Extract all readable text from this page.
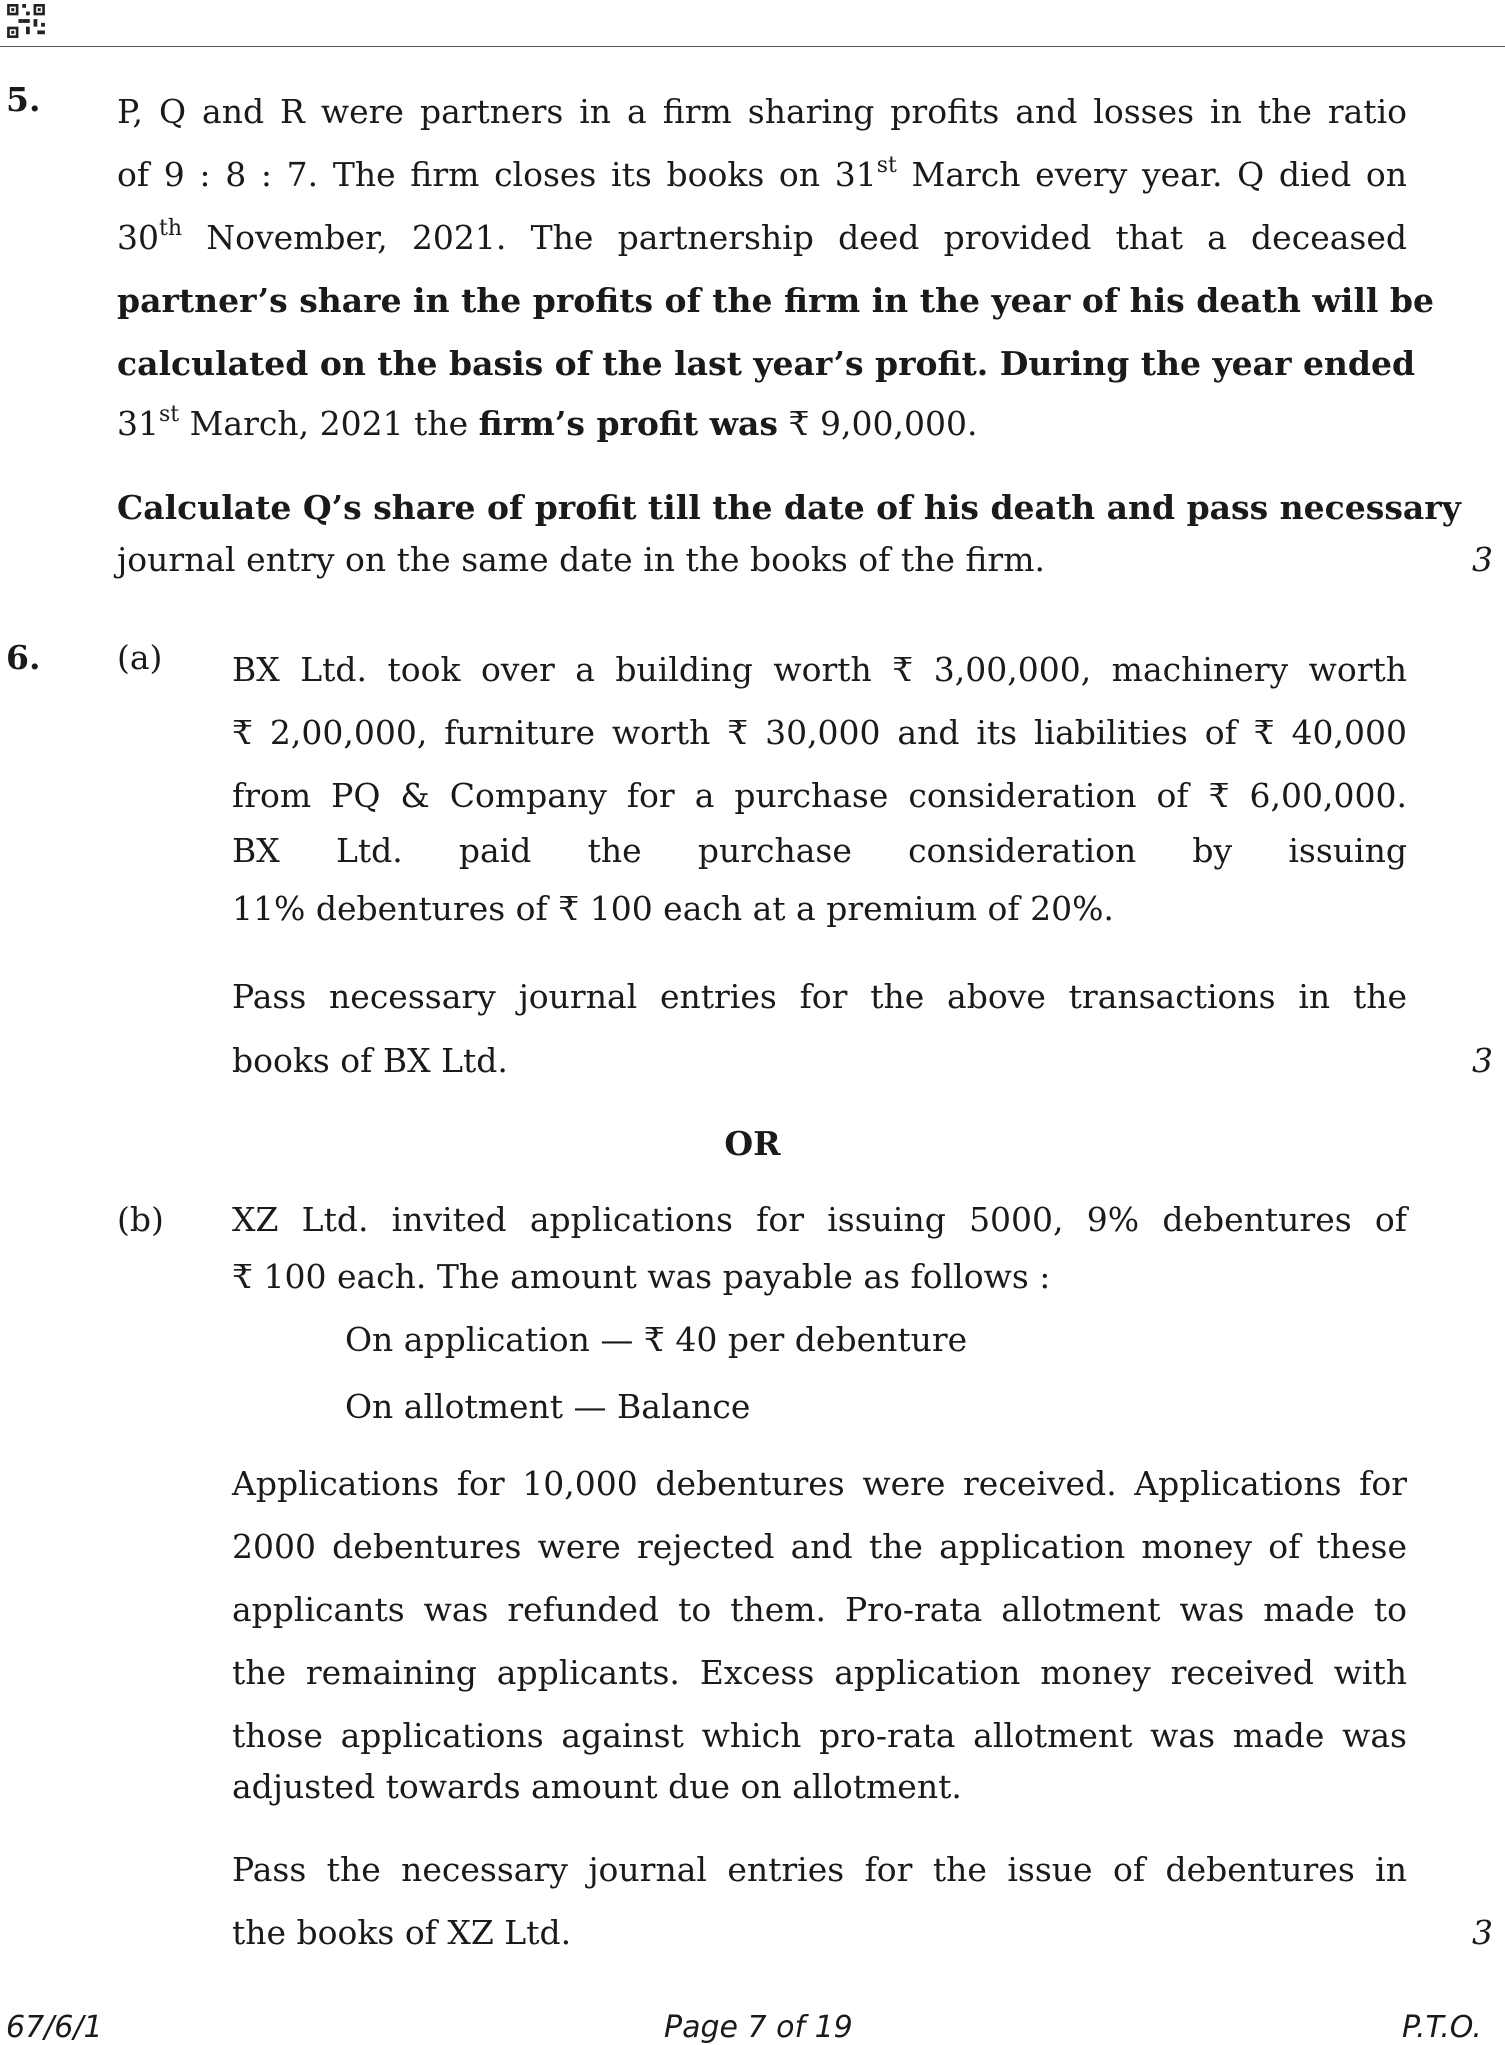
5. P, Q and R were partners in a firm sharing profits and losses in the ratio
of 9 : 8 : 7. The firm closes its books on 31st March every year. Q died on
30th November, 2021. The partnership deed provided that a deceased
partner’s share in the profits of the firm in the year of his death will be
calculated on the basis of the last year’s profit. During the year ended
31st March, 2021 the firm’s profit was ₹ 9,00,000.
Calculate Q’s share of profit till the date of his death and pass necessary
journal entry on the same date in the books of the firm.	3
6. (a) BX Ltd. took over a building worth ₹ 3,00,000, machinery worth
₹ 2,00,000, furniture worth ₹ 30,000 and its liabilities of ₹ 40,000
from PQ & Company for a purchase consideration of ₹ 6,00,000.
BX Ltd. paid the purchase consideration by issuing
11% debentures of ₹ 100 each at a premium of 20%.
Pass necessary journal entries for the above transactions in the
books of BX Ltd.	3
OR
(b) XZ Ltd. invited applications for issuing 5000, 9% debentures of
₹ 100 each. The amount was payable as follows :
On application — ₹ 40 per debenture
On allotment — Balance
Applications for 10,000 debentures were received. Applications for
2000 debentures were rejected and the application money of these
applicants was refunded to them. Pro-rata allotment was made to
the remaining applicants. Excess application money received with
those applications against which pro-rata allotment was made was
adjusted towards amount due on allotment.
Pass the necessary journal entries for the issue of debentures in
the books of XZ Ltd.	3
67/6/1	Page 7 of 19	P.T.O.
